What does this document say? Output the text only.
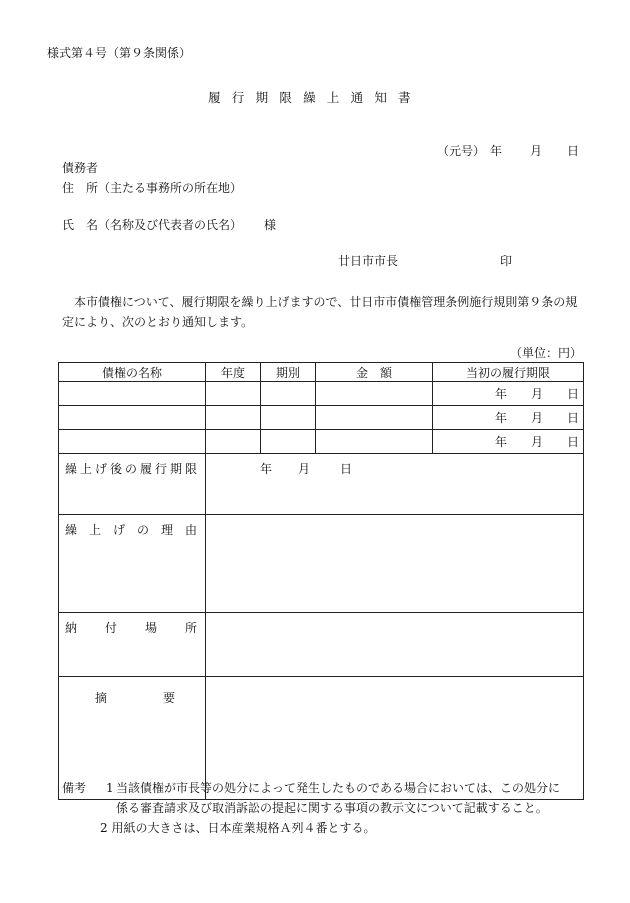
様式第４号（第９条関係）
履行期限繰上通知書
（元号） 年 月 日
債務者
住　所（主たる事務所の所在地）
氏　名（名称及び代表者の氏名） 様
廿日市市長	印
本市債権について、履行期限を繰り上げますので、廿日市市債権管理条例施行規則第９条の規定により、次のとおり通知します。
（単位：円）
債権の名称	年度	期別	金　額	当初の履行期限

				年 月 日

				年 月 日

				年 月 日

繰上げ後の履行期限	年 月 日			

繰上げの理由				

納付場所				

摘要				

備考 1 当該債権が市長等の処分によって発生したものである場合においては、この処分に
係る審査請求及び取消訴訟の提起に関する事項の教示文について記載すること。
2 用紙の大きさは、日本産業規格Ａ列４番とする。
